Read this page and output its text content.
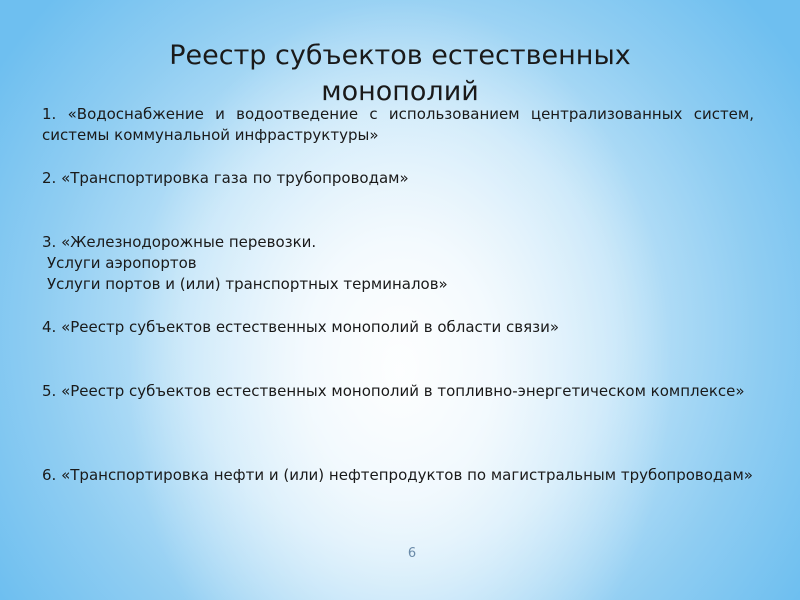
Реестр субъектов естественных
монополий

1. «Водоснабжение и водоотведение с использованием централизованных систем, системы коммунальной инфраструктуры»

2. «Транспортировка газа по трубопроводам»

3. «Железнодорожные перевозки.

Услуги аэропортов

Услуги портов и (или) транспортных терминалов»

4. «Реестр субъектов естественных монополий в области связи»

5. «Реестр субъектов естественных монополий в топливно-энергетическом комплексе»

6. «Транспортировка нефти и (или) нефтепродуктов по магистральным трубопроводам»

6
